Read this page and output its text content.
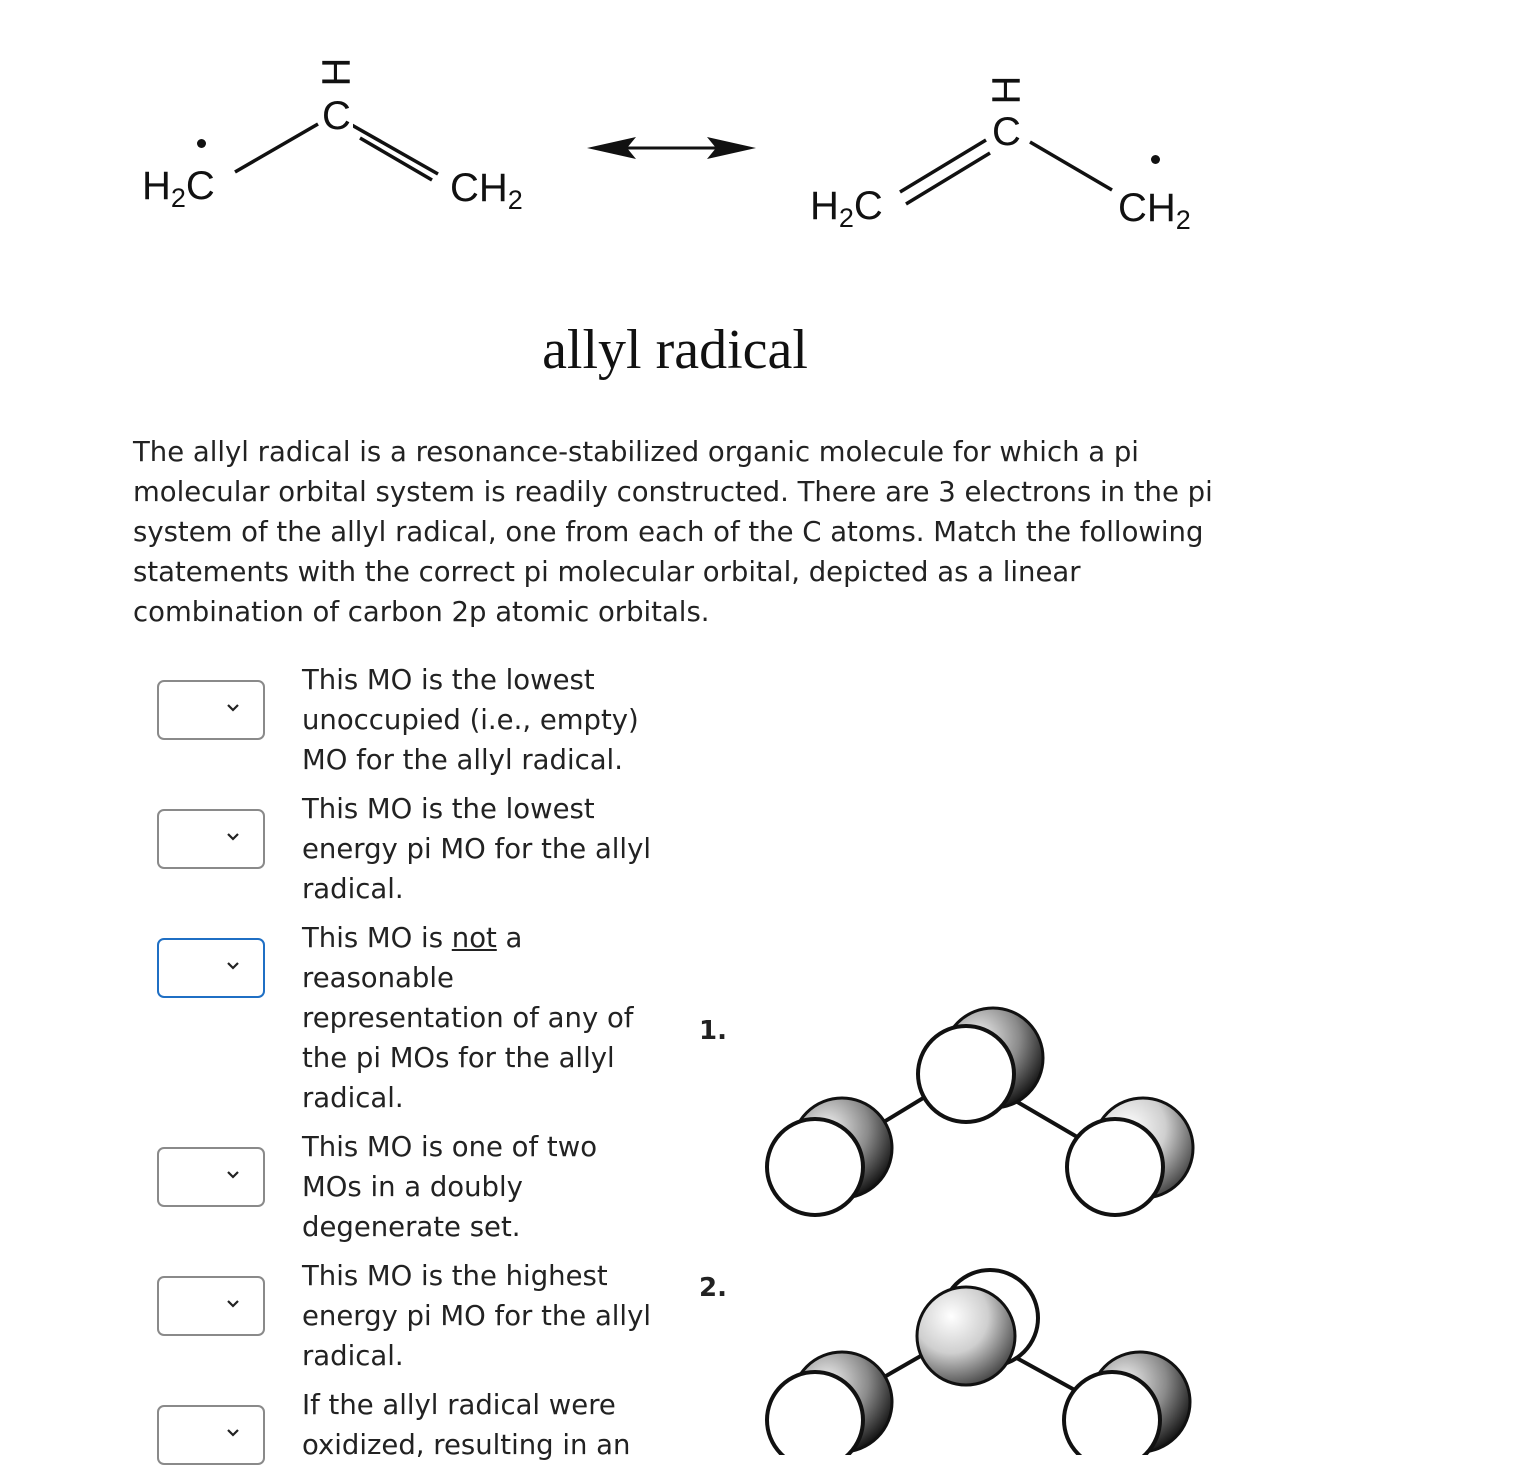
$H_2C$
H
C
$CH_2$	$H_2C$
H
C
$CH_2$
allyl radical

The allyl radical is a resonance-stabilized organic molecule for which a pi molecular orbital system is readily constructed. There are 3 electrons in the pi system of the allyl radical, one from each of the C atoms. Match the following statements with the correct pi molecular orbital, depicted as a linear combination of carbon 2p atomic orbitals.

This MO is the lowest unoccupied (i.e., empty) MO for the allyl radical.

This MO is the lowest energy pi MO for the allyl radical.

This MO is not a reasonable representation of any of the pi MOs for the allyl radical.

This MO is one of two MOs in a doubly degenerate set.

This MO is the highest energy pi MO for the allyl radical.

If the allyl radical were oxidized, resulting in an

1.
2.
